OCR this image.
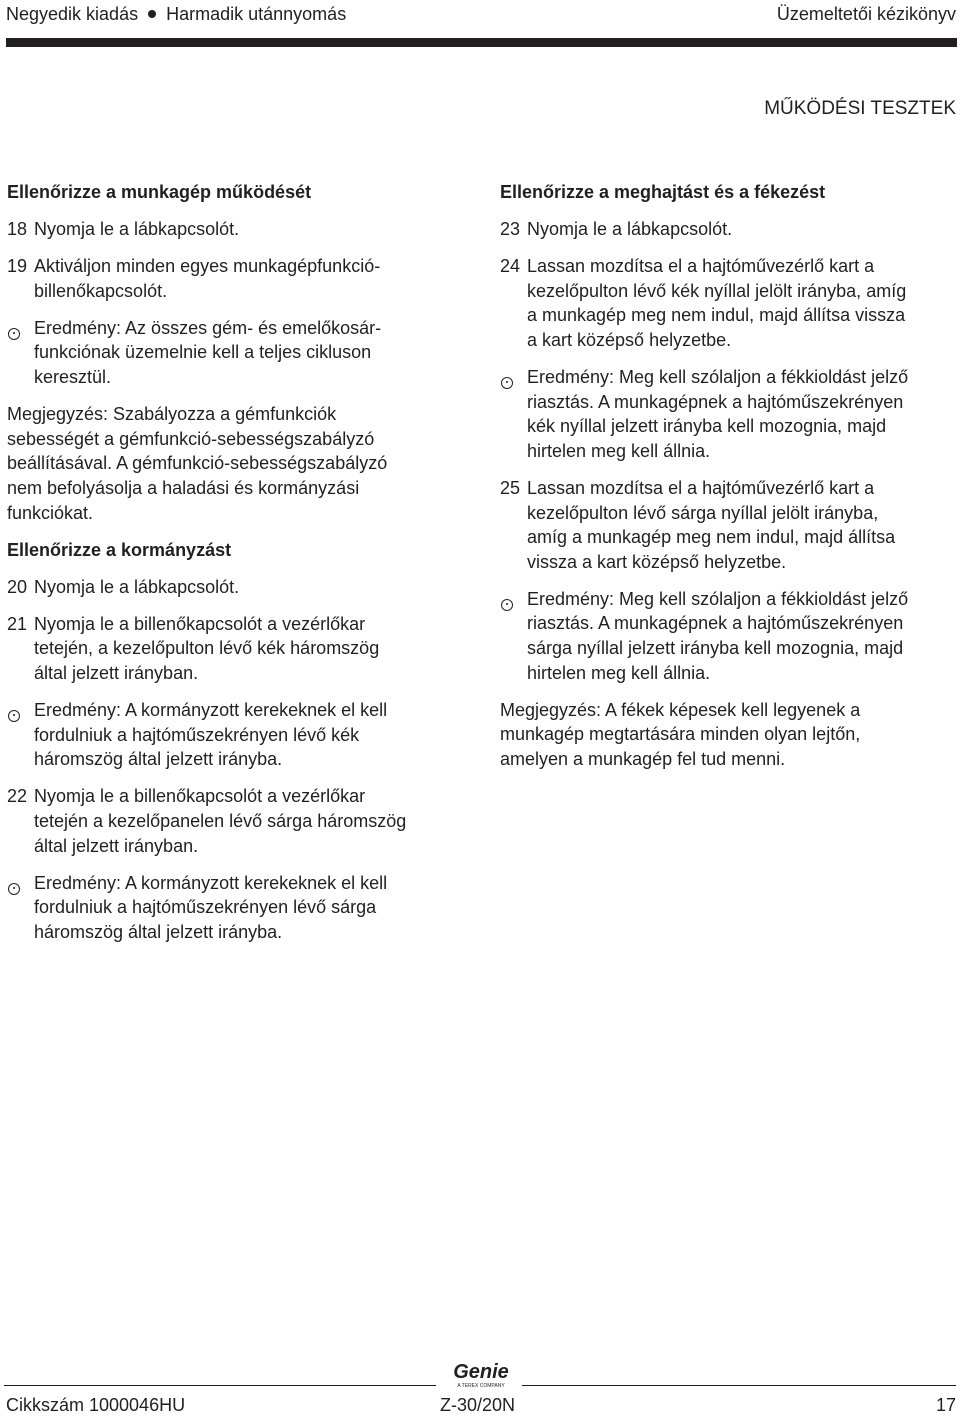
Negyedik kiadás Harmadik utánnyomás	Üzemeltetői kézikönyv
MŰKÖDÉSI TESZTEK

Ellenőrizze a munkagép működését

18 Nyomja le a lábkapcsolót.
19 Aktiváljon minden egyes munkagépfunkció-
billenőkapcsolót.
Eredmény: Az összes gém- és emelőkosár-
funkciónak üzemelnie kell a teljes cikluson
keresztül.
Megjegyzés: Szabályozza a gémfunkciók
sebességét a gémfunkció-sebességszabályzó
beállításával. A gémfunkció-sebességszabályzó
nem befolyásolja a haladási és kormányzási
funkciókat.

Ellenőrizze a kormányzást

20 Nyomja le a lábkapcsolót.
21 Nyomja le a billenőkapcsolót a vezérlőkar
tetején, a kezelőpulton lévő kék háromszög
által jelzett irányban.
Eredmény: A kormányzott kerekeknek el kell
fordulniuk a hajtóműszekrényen lévő kék
háromszög által jelzett irányba.
22 Nyomja le a billenőkapcsolót a vezérlőkar
tetején a kezelőpanelen lévő sárga háromszög
által jelzett irányban.
Eredmény: A kormányzott kerekeknek el kell
fordulniuk a hajtóműszekrényen lévő sárga
háromszög által jelzett irányba.

Ellenőrizze a meghajtást és a fékezést

23 Nyomja le a lábkapcsolót.
24 Lassan mozdítsa el a hajtóművezérlő kart a
kezelőpulton lévő kék nyíllal jelölt irányba, amíg
a munkagép meg nem indul, majd állítsa vissza
a kart középső helyzetbe.
Eredmény: Meg kell szólaljon a fékkioldást jelző
riasztás. A munkagépnek a hajtóműszekrényen
kék nyíllal jelzett irányba kell mozognia, majd
hirtelen meg kell állnia.
25 Lassan mozdítsa el a hajtóművezérlő kart a
kezelőpulton lévő sárga nyíllal jelölt irányba,
amíg a munkagép meg nem indul, majd állítsa
vissza a kart középső helyzetbe.
Eredmény: Meg kell szólaljon a fékkioldást jelző
riasztás. A munkagépnek a hajtóműszekrényen
sárga nyíllal jelzett irányba kell mozognia, majd
hirtelen meg kell állnia.
Megjegyzés: A fékek képesek kell legyenek a
munkagép megtartására minden olyan lejtőn,
amelyen a munkagép fel tud menni.
Genie
A TEREX COMPANY
Cikkszám 1000046HU	Z-30/20N	17
